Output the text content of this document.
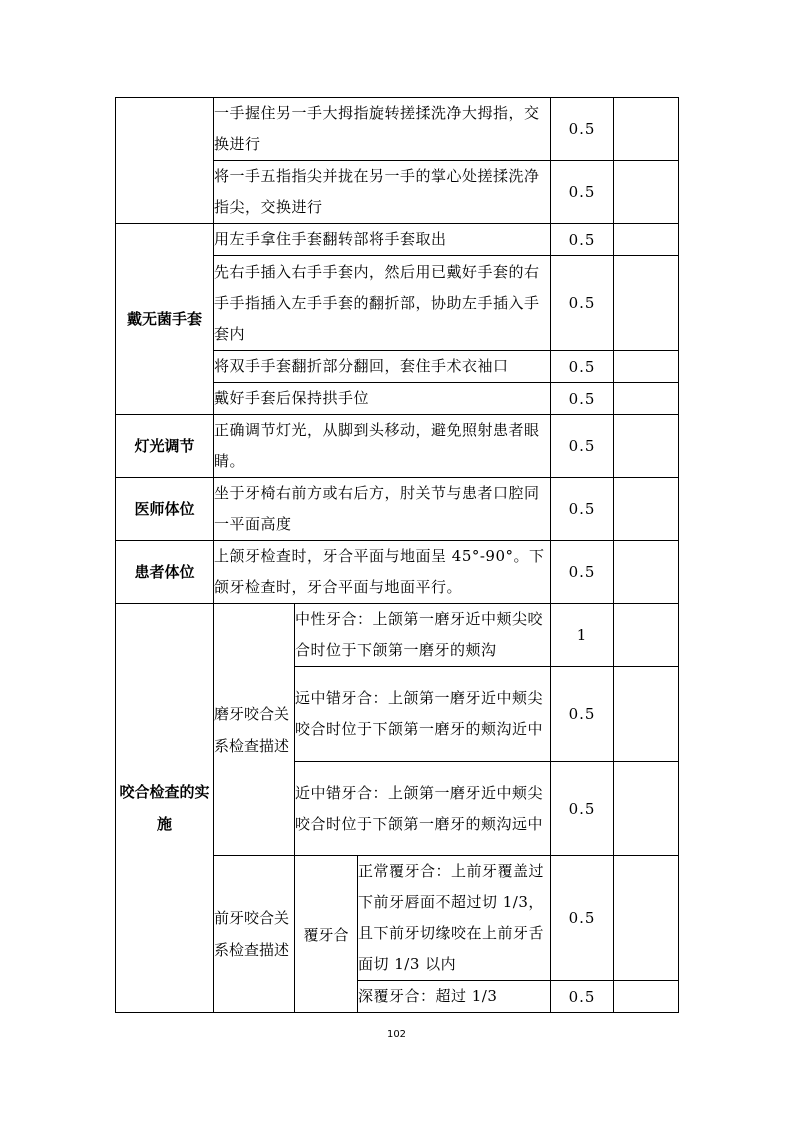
	一手握住另一手大拇指旋转搓揉洗净大拇指，交换进行			0.5	
	将一手五指指尖并拢在另一手的掌心处搓揉洗净指尖，交换进行			0.5	
戴无菌手套	用左手拿住手套翻转部将手套取出			0.5	
	先右手插入右手手套内，然后用已戴好手套的右手手指插入左手手套的翻折部，协助左手插入手套内			0.5	
	将双手手套翻折部分翻回，套住手术衣袖口			0.5	
	戴好手套后保持拱手位			0.5	
灯光调节	正确调节灯光，从脚到头移动，避免照射患者眼睛。			0.5	
医师体位	坐于牙椅右前方或右后方，肘关节与患者口腔同一平面高度			0.5	
患者体位	上颌牙检查时，牙合平面与地面呈 45°-90°。下颌牙检查时，牙合平面与地面平行。			0.5	
咬合检查的实施	磨牙咬合关系检查描述	中性牙合：上颌第一磨牙近中颊尖咬合时位于下颌第一磨牙的颊沟		1	
		远中错牙合：上颌第一磨牙近中颊尖咬合时位于下颌第一磨牙的颊沟近中		0.5	
		近中错牙合：上颌第一磨牙近中颊尖咬合时位于下颌第一磨牙的颊沟远中		0.5	
	前牙咬合关系检查描述	覆牙合	正常覆牙合：上前牙覆盖过下前牙唇面不超过切 1/3，且下前牙切缘咬在上前牙舌面切 1/3 以内	0.5	
			深覆牙合：超过 1/3	0.5	
102
